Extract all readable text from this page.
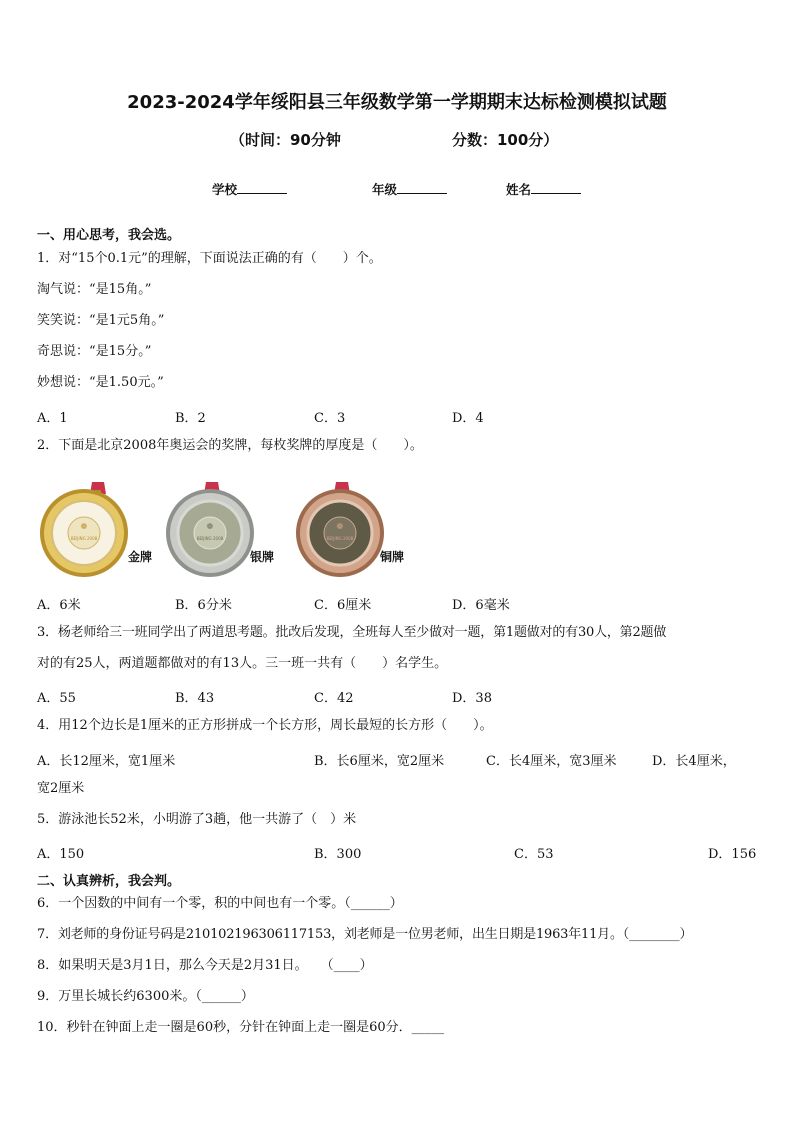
2023-2024学年绥阳县三年级数学第一学期期末达标检测模拟试题
（时间：90分钟	分数：100分）
学校	年级	姓名
一、用心思考，我会选。
1．对“15个0.1元”的理解，下面说法正确的有（　　）个。
淘气说：“是15角。”
笑笑说：“是1元5角。”
奇思说：“是15分。”
妙想说：“是1.50元。”
A．1	B．2	C．3	D．4
2．下面是北京2008年奥运会的奖牌，每枚奖牌的厚度是（　　）。
❁
BEIJING 2008
金牌
❁
BEIJING 2008
银牌
❁
BEIJING 2008
铜牌
A．6米	B．6分米	C．6厘米	D．6毫米
3．杨老师给三一班同学出了两道思考题。批改后发现，全班每人至少做对一题，第1题做对的有30人，第2题做
对的有25人，两道题都做对的有13人。三一班一共有（　　）名学生。
A．55	B．43	C．42	D．38
4．用12个边长是1厘米的正方形拼成一个长方形，周长最短的长方形（　　）。
A．长12厘米，宽1厘米	B．长6厘米，宽2厘米	C．长4厘米，宽3厘米	D．长4厘米，
宽2厘米
5．游泳池长52米，小明游了3趟，他一共游了（　）米
A．150	B．300	C．53	D．156
二、认真辨析，我会判。
6．一个因数的中间有一个零，积的中间也有一个零。（______）
7．刘老师的身份证号码是210102196306117153，刘老师是一位男老师，出生日期是1963年11月。（________）
8．如果明天是3月1日，那么今天是2月31日。　　（____）
9．万里长城长约6300米。（______）
10．秒针在钟面上走一圈是60秒，分针在钟面上走一圈是60分．_____
